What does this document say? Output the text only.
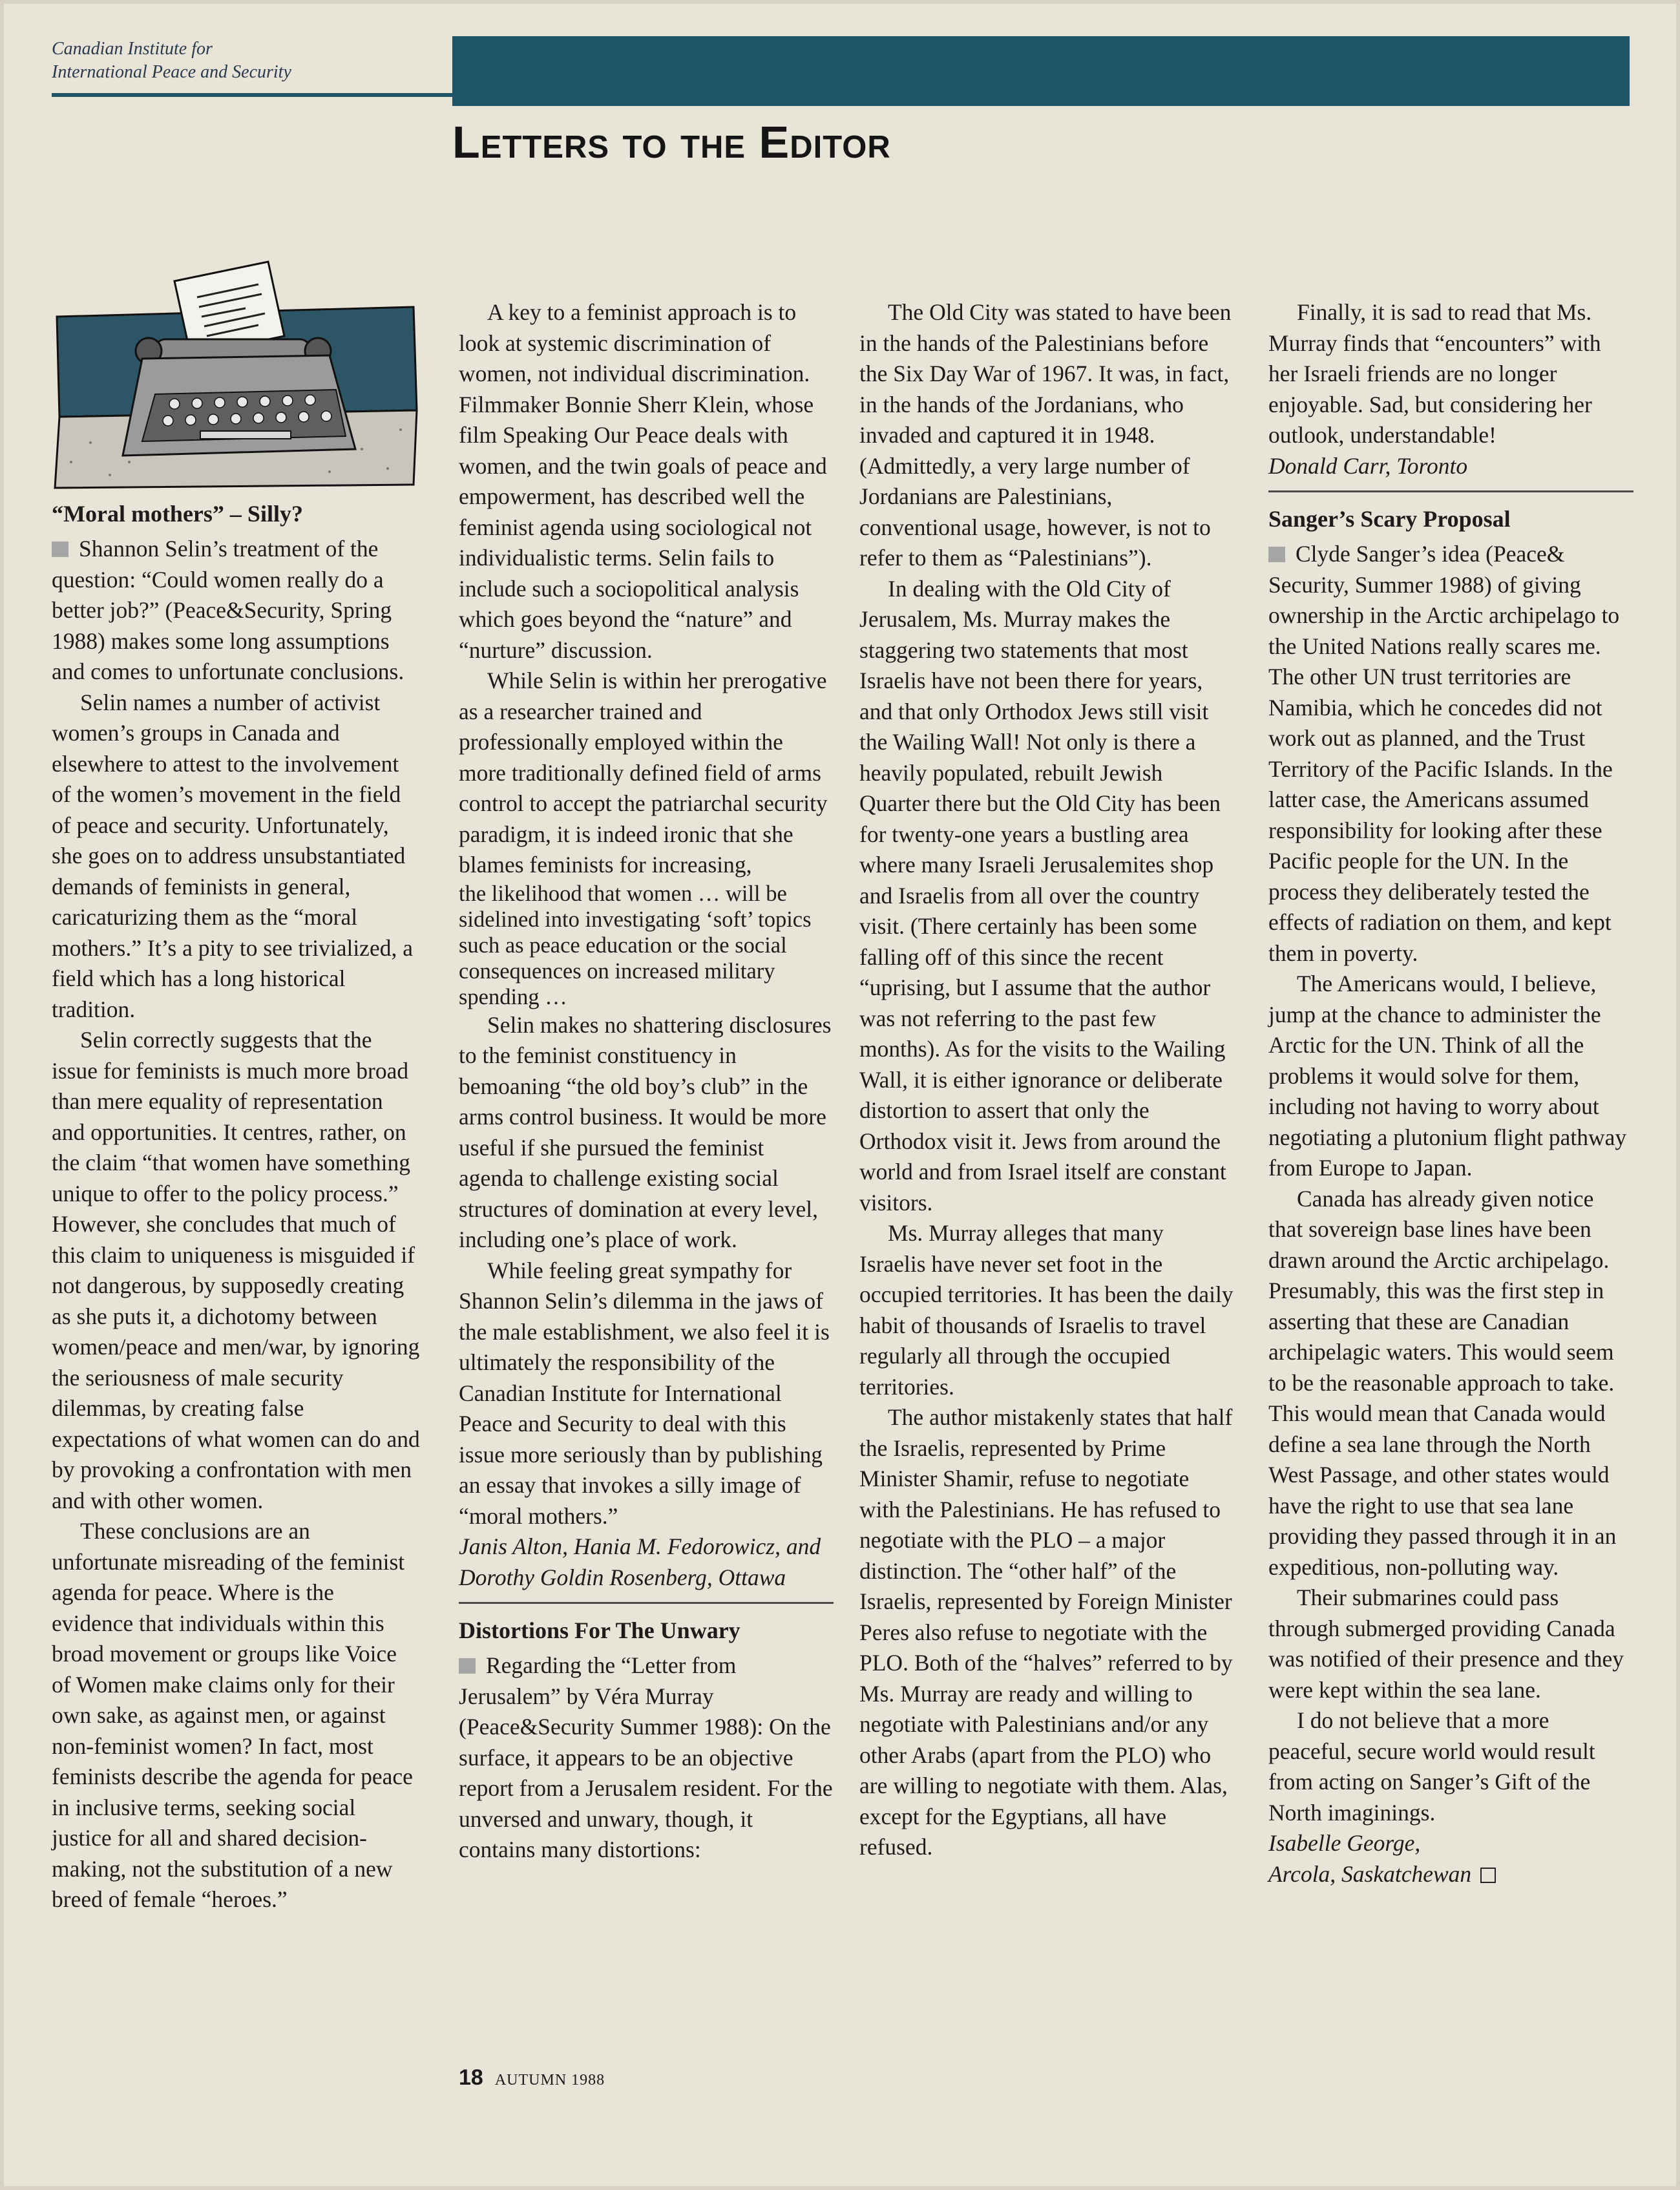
Canadian Institute for
International Peace and Security
Letters to the Editor
“Moral mothers” – Silly?

Shannon Selin’s treatment of the question: “Could women really do a better job?” (Peace&Security, Spring 1988) makes some long assumptions and comes to unfortunate conclusions.

Selin names a number of activist women’s groups in Canada and elsewhere to attest to the involvement of the women’s movement in the field of peace and security. Unfortunately, she goes on to address unsubstantiated demands of feminists in general, caricaturizing them as the “moral mothers.” It’s a pity to see trivialized, a field which has a long historical tradition.

Selin correctly suggests that the issue for feminists is much more broad than mere equality of representation and opportunities. It centres, rather, on the claim “that women have something unique to offer to the policy process.” However, she concludes that much of this claim to uniqueness is misguided if not dangerous, by supposedly creating as she puts it, a dichotomy between women/peace and men/war, by ignoring the seriousness of male security dilemmas, by creating false expectations of what women can do and by provoking a confrontation with men and with other women.

These conclusions are an unfortunate misreading of the feminist agenda for peace. Where is the evidence that individuals within this broad movement or groups like Voice of Women make claims only for their own sake, as against men, or against non-feminist women? In fact, most feminists describe the agenda for peace in inclusive terms, seeking social justice for all and shared decision-making, not the substitution of a new breed of female “heroes.”

A key to a feminist approach is to look at systemic discrimination of women, not individual discrimination. Filmmaker Bonnie Sherr Klein, whose film Speaking Our Peace deals with women, and the twin goals of peace and empowerment, has described well the feminist agenda using sociological not individualistic terms. Selin fails to include such a sociopolitical analysis which goes beyond the “nature” and “nurture” discussion.

While Selin is within her prerogative as a researcher trained and professionally employed within the more traditionally defined field of arms control to accept the patriarchal security paradigm, it is indeed ironic that she blames feminists for increasing,

the likelihood that women … will be sidelined into investigating ‘soft’ topics such as peace education or the social consequences on increased military spending …

Selin makes no shattering disclosures to the feminist constituency in bemoaning “the old boy’s club” in the arms control business. It would be more useful if she pursued the feminist agenda to challenge existing social structures of domination at every level, including one’s place of work.

While feeling great sympathy for Shannon Selin’s dilemma in the jaws of the male establishment, we also feel it is ultimately the responsibility of the Canadian Institute for International Peace and Security to deal with this issue more seriously than by publishing an essay that invokes a silly image of “moral mothers.”

Janis Alton, Hania M. Fedorowicz, and Dorothy Goldin Rosenberg, Ottawa

Distortions For The Unwary

Regarding the “Letter from Jerusalem” by Véra Murray (Peace&Security Summer 1988): On the surface, it appears to be an objective report from a Jerusalem resident. For the unversed and unwary, though, it contains many distortions:

The Old City was stated to have been in the hands of the Palestinians before the Six Day War of 1967. It was, in fact, in the hands of the Jordanians, who invaded and captured it in 1948. (Admittedly, a very large number of Jordanians are Palestinians, conventional usage, however, is not to refer to them as “Palestinians”).

In dealing with the Old City of Jerusalem, Ms. Murray makes the staggering two statements that most Israelis have not been there for years, and that only Orthodox Jews still visit the Wailing Wall! Not only is there a heavily populated, rebuilt Jewish Quarter there but the Old City has been for twenty-one years a bustling area where many Israeli Jerusalemites shop and Israelis from all over the country visit. (There certainly has been some falling off of this since the recent “uprising, but I assume that the author was not referring to the past few months). As for the visits to the Wailing Wall, it is either ignorance or deliberate distortion to assert that only the Orthodox visit it. Jews from around the world and from Israel itself are constant visitors.

Ms. Murray alleges that many Israelis have never set foot in the occupied territories. It has been the daily habit of thousands of Israelis to travel regularly all through the occupied territories.

The author mistakenly states that half the Israelis, represented by Prime Minister Shamir, refuse to negotiate with the Palestinians. He has refused to negotiate with the PLO – a major distinction. The “other half” of the Israelis, represented by Foreign Minister Peres also refuse to negotiate with the PLO. Both of the “halves” referred to by Ms. Murray are ready and willing to negotiate with Palestinians and/or any other Arabs (apart from the PLO) who are willing to negotiate with them. Alas, except for the Egyptians, all have refused.

Finally, it is sad to read that Ms. Murray finds that “encounters” with her Israeli friends are no longer enjoyable. Sad, but considering her outlook, understandable!

Donald Carr, Toronto

Sanger’s Scary Proposal

Clyde Sanger’s idea (Peace& Security, Summer 1988) of giving ownership in the Arctic archipelago to the United Nations really scares me. The other UN trust territories are Namibia, which he concedes did not work out as planned, and the Trust Territory of the Pacific Islands. In the latter case, the Americans assumed responsibility for looking after these Pacific people for the UN. In the process they deliberately tested the effects of radiation on them, and kept them in poverty.

The Americans would, I believe, jump at the chance to administer the Arctic for the UN. Think of all the problems it would solve for them, including not having to worry about negotiating a plutonium flight pathway from Europe to Japan.

Canada has already given notice that sovereign base lines have been drawn around the Arctic archipelago. Presumably, this was the first step in asserting that these are Canadian archipelagic waters. This would seem to be the reasonable approach to take. This would mean that Canada would define a sea lane through the North West Passage, and other states would have the right to use that sea lane providing they passed through it in an expeditious, non-polluting way.

Their submarines could pass through submerged providing Canada was notified of their presence and they were kept within the sea lane.

I do not believe that a more peaceful, secure world would result from acting on Sanger’s Gift of the North imaginings.

Isabelle George,
Arcola, Saskatchewan

18 AUTUMN 1988
